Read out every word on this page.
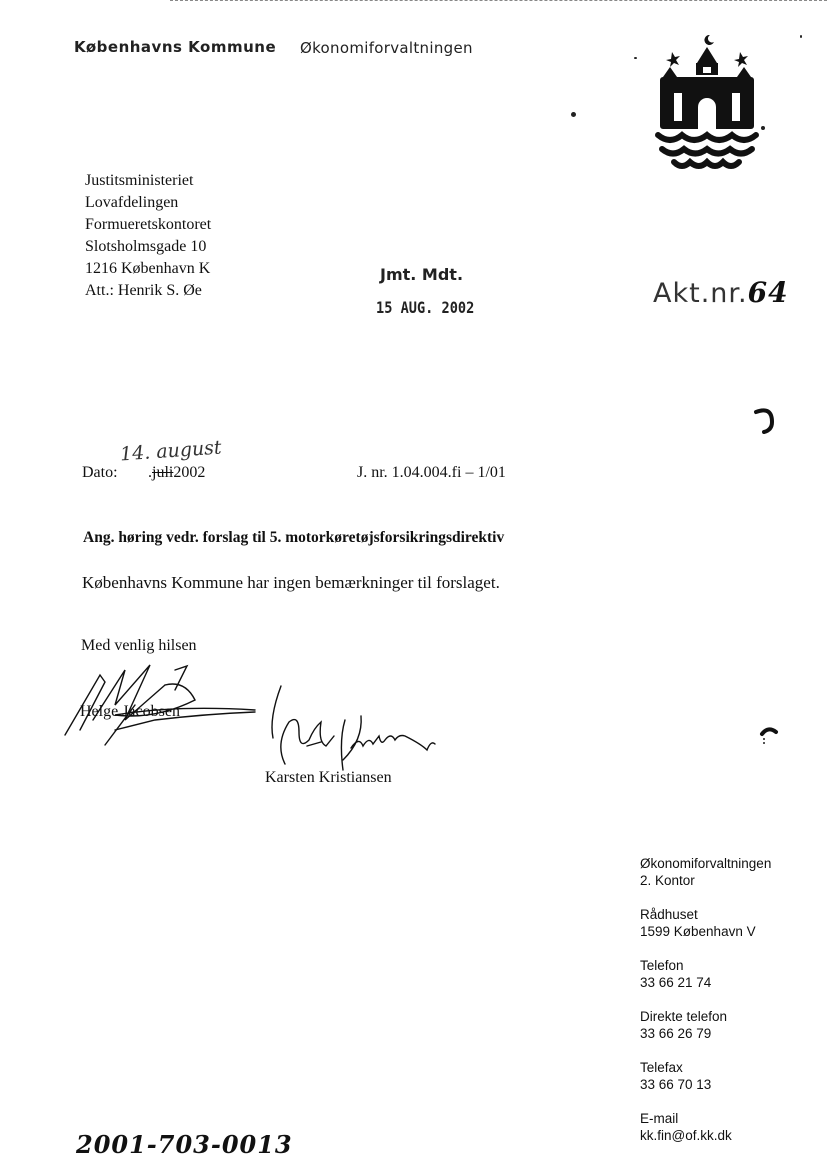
Københavns Kommune Økonomiforvaltningen
Justitsministeriet
Lovafdelingen
Formueretskontoret
Slotsholmsgade 10
1216 København K
Att.: Henrik S. Øe
Jmt. Mdt.
15 AUG. 2002	Akt.nr.64
14. august
Dato: .juli2002	J. nr. 1.04.004.fi – 1/01
Ang. høring vedr. forslag til 5. motorkøretøjsforsikringsdirektiv
Københavns Kommune har ingen bemærkninger til forslaget.
Med venlig hilsen
Helge Jacobsen
Karsten Kristiansen
Økonomiforvaltningen
2. Kontor
Rådhuset
1599 København V
Telefon
33 66 21 74
Direkte telefon
33 66 26 79
Telefax
33 66 70 13
E-mail
kk.fin@of.kk.dk
2001-703-0013
